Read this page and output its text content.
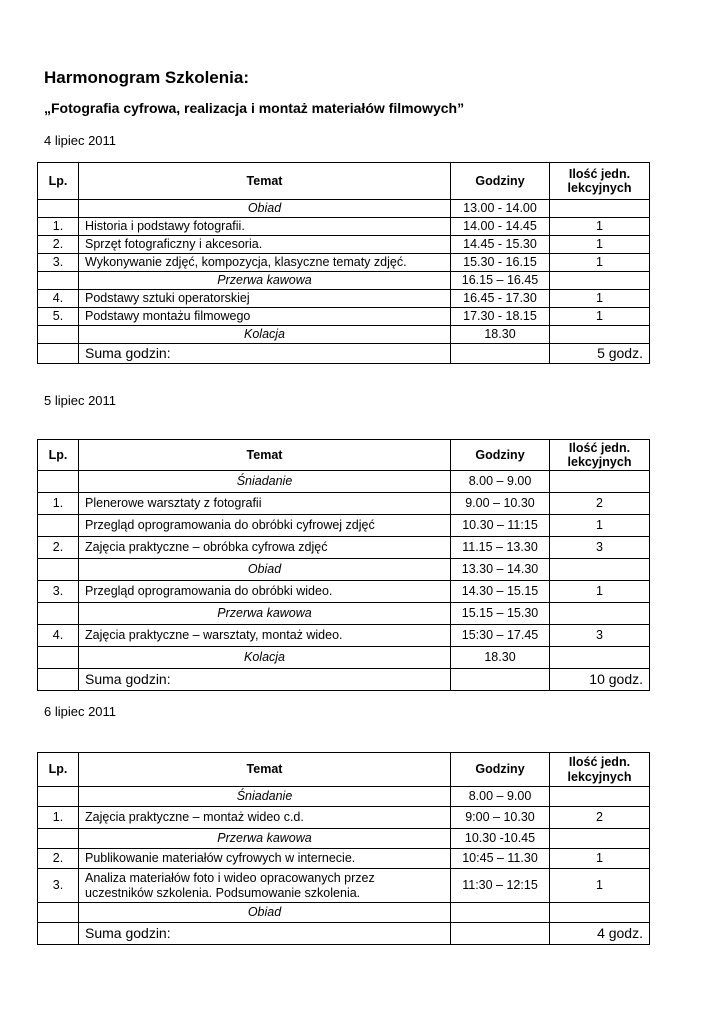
Harmonogram Szkolenia:
„Fotografia cyfrowa, realizacja i montaż materiałów filmowych”
4 lipiec 2011
Lp.	Temat	Godziny	Ilość jedn. lekcyjnych
	Obiad	13.00 - 14.00	
1.	Historia i podstawy fotografii.	14.00 - 14.45	1
2.	Sprzęt fotograficzny i akcesoria.	14.45 - 15.30	1
3.	Wykonywanie zdjęć, kompozycja, klasyczne tematy zdjęć.	15.30 - 16.15	1
	Przerwa kawowa	16.15 – 16.45	
4.	Podstawy sztuki operatorskiej	16.45 - 17.30	1
5.	Podstawy montażu filmowego	17.30 - 18.15	1
	Kolacja	18.30	
	Suma godzin:		5 godz.
5 lipiec 2011
Lp.	Temat	Godziny	Ilość jedn. lekcyjnych
	Śniadanie	8.00 – 9.00	
1.	Plenerowe warsztaty z fotografii	9.00 – 10.30	2
	Przegląd oprogramowania do obróbki cyfrowej zdjęć	10.30 – 11:15	1
2.	Zajęcia praktyczne – obróbka cyfrowa zdjęć	11.15 – 13.30	3
	Obiad	13.30 – 14.30	
3.	Przegląd oprogramowania do obróbki wideo.	14.30 – 15.15	1
	Przerwa kawowa	15.15 – 15.30	
4.	Zajęcia praktyczne – warsztaty, montaż wideo.	15:30 – 17.45	3
	Kolacja	18.30	
	Suma godzin:		10 godz.
6 lipiec 2011
Lp.	Temat	Godziny	Ilość jedn. lekcyjnych
	Śniadanie	8.00 – 9.00	
1.	Zajęcia praktyczne – montaż wideo c.d.	9:00 – 10.30	2
	Przerwa kawowa	10.30 -10.45	
2.	Publikowanie materiałów cyfrowych w internecie.	10:45 – 11.30	1
3.	Analiza materiałów foto i wideo opracowanych przez uczestników szkolenia. Podsumowanie szkolenia.	11:30 – 12:15	1
	Obiad		
	Suma godzin:		4 godz.
